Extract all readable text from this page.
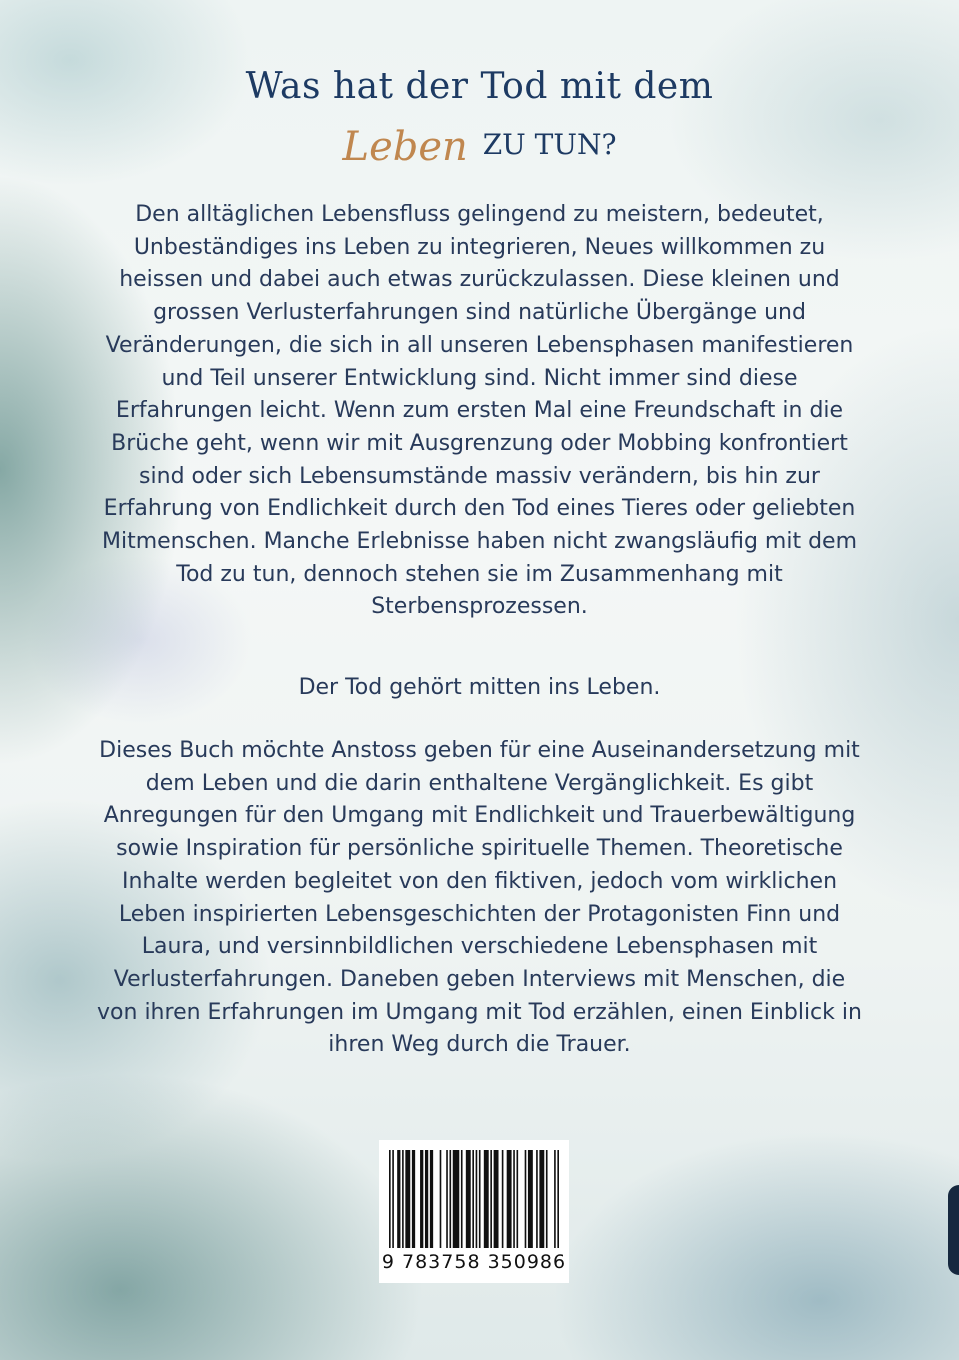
Was hat der Tod mit dem
Leben ZU TUN?

Den alltäglichen Lebensfluss gelingend zu meistern, bedeutet, Unbeständiges ins Leben zu integrieren, Neues willkommen zu heissen und dabei auch etwas zurückzulassen. Diese kleinen und grossen Verlusterfahrungen sind natürliche Übergänge und Veränderungen, die sich in all unseren Lebensphasen manifestieren und Teil unserer Entwicklung sind. Nicht immer sind diese Erfahrungen leicht. Wenn zum ersten Mal eine Freundschaft in die Brüche geht, wenn wir mit Ausgrenzung oder Mobbing konfrontiert sind oder sich Lebensumstände massiv verändern, bis hin zur Erfahrung von Endlichkeit durch den Tod eines Tieres oder geliebten Mitmenschen. Manche Erlebnisse haben nicht zwangsläufig mit dem Tod zu tun, dennoch stehen sie im Zusammenhang mit Sterbensprozessen.

Der Tod gehört mitten ins Leben.

Dieses Buch möchte Anstoss geben für eine Auseinandersetzung mit dem Leben und die darin enthaltene Vergänglichkeit. Es gibt Anregungen für den Umgang mit Endlichkeit und Trauerbewältigung sowie Inspiration für persönliche spirituelle Themen. Theoretische Inhalte werden begleitet von den fiktiven, jedoch vom wirklichen Leben inspirierten Lebensgeschichten der Protagonisten Finn und Laura, und versinnbildlichen verschiedene Lebensphasen mit Verlusterfahrungen. Daneben geben Interviews mit Menschen, die von ihren Erfahrungen im Umgang mit Tod erzählen, einen Einblick in ihren Weg durch die Trauer.

9 783758 350986
